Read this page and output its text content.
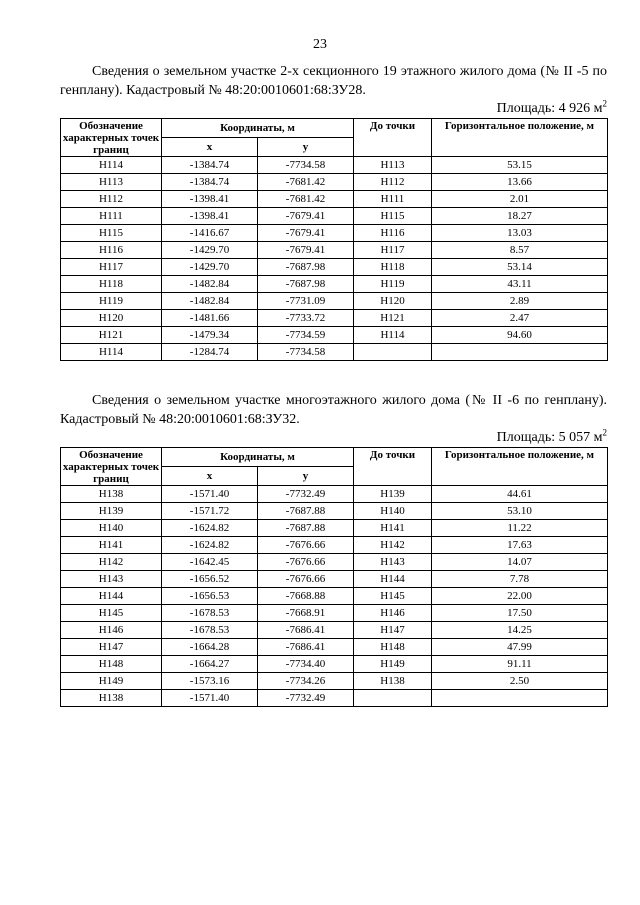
23

Сведения о земельном участке 2-х секционного 19 этажного жилого дома (№ II -5 по генплану). Кадастровый № 48:20:0010601:68:ЗУ28.

Площадь: 4 926 $м^2$

Обозначение характерных точек границ	Координаты, м		До точки	Горизонтальное положение, м
	x	y		
Н114	-1384.74	-7734.58	Н113	53.15
Н113	-1384.74	-7681.42	Н112	13.66
Н112	-1398.41	-7681.42	Н111	2.01
Н111	-1398.41	-7679.41	Н115	18.27
Н115	-1416.67	-7679.41	Н116	13.03
Н116	-1429.70	-7679.41	Н117	8.57
Н117	-1429.70	-7687.98	Н118	53.14
Н118	-1482.84	-7687.98	Н119	43.11
Н119	-1482.84	-7731.09	Н120	2.89
Н120	-1481.66	-7733.72	Н121	2.47
Н121	-1479.34	-7734.59	Н114	94.60
Н114	-1284.74	-7734.58		

Сведения о земельном участке многоэтажного жилого дома (№ II -6 по генплану). Кадастровый № 48:20:0010601:68:ЗУ32.

Площадь: 5 057 $м^2$

Обозначение характерных точек границ	Координаты, м		До точки	Горизонтальное положение, м
	x	y		
Н138	-1571.40	-7732.49	Н139	44.61
Н139	-1571.72	-7687.88	Н140	53.10
Н140	-1624.82	-7687.88	Н141	11.22
Н141	-1624.82	-7676.66	Н142	17.63
Н142	-1642.45	-7676.66	Н143	14.07
Н143	-1656.52	-7676.66	Н144	7.78
Н144	-1656.53	-7668.88	Н145	22.00
Н145	-1678.53	-7668.91	Н146	17.50
Н146	-1678.53	-7686.41	Н147	14.25
Н147	-1664.28	-7686.41	Н148	47.99
Н148	-1664.27	-7734.40	Н149	91.11
Н149	-1573.16	-7734.26	Н138	2.50
Н138	-1571.40	-7732.49		
